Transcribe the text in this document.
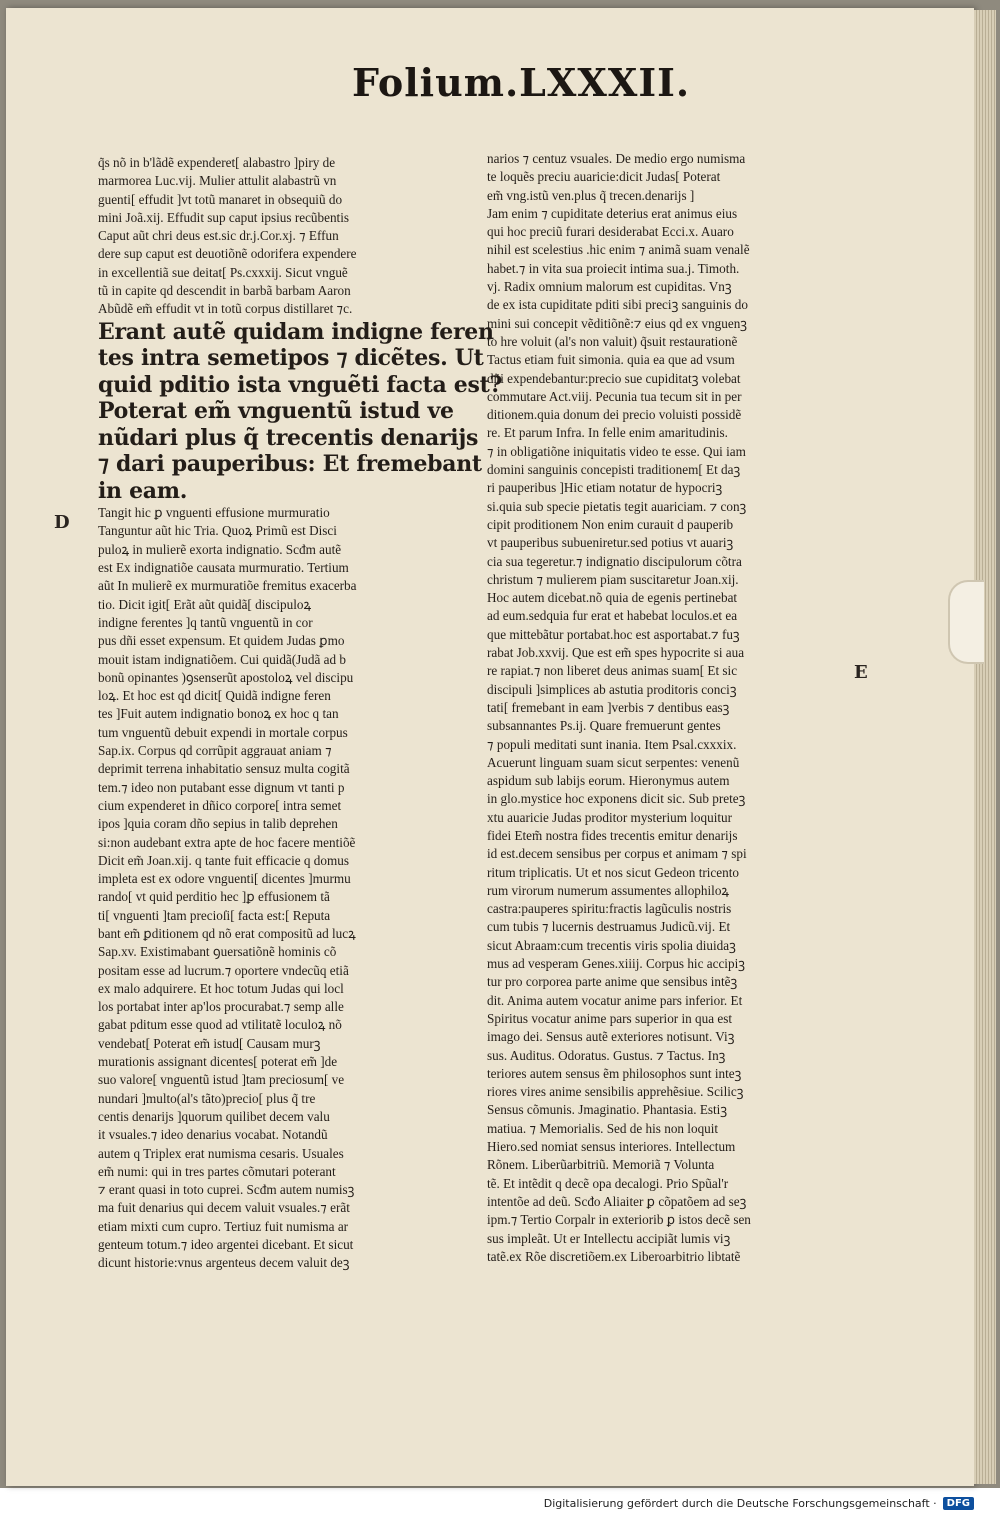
Folium.LXXXII.
D
E
q̃s nõ in b'lãdẽ expenderet[ alabastro ]piry de
marmorea Luc.vij. Mulier attulit alabastrũ vn
guenti[ effudit ]vt totũ manaret in obsequiũ do
mini Joã.xij. Effudit sup caput ipsius recũbentis
Caput aũt chri deus est.sic dr.j.Cor.xj. ⁊ Effun
dere sup caput est deuotiõnẽ odorifera expendere
in excellentiã sue deitat[ Ps.cxxxij. Sicut vnguẽ
tũ in capite qd descendit in barbã barbam Aaron
Abũdẽ em̃ effudit vt in totũ corpus distillaret ⁊c.
Erant autẽ quidam indigne feren
tes intra semetipos ⁊ dicẽtes. Ut
quid pditio ista vnguẽti facta est?
Poterat em̃ vnguentũ istud ve
nũdari plus q̃ trecentis denarijs
⁊ dari pauperibus: Et fremebant
in eam.
Tangit hic ꝑ vnguenti effusione murmuratio
Tanguntur aũt hic Tria. Quoꝝ Primũ est Disci
puloꝝ in mulierẽ exorta indignatio. Scđm autẽ
est Ex indignatiõe causata murmuratio. Tertium
aũt In mulierẽ ex murmuratiõe fremitus exacerba
tio. Dicit igit[ Erãt aũt quidã[ discipuloꝝ
indigne ferentes ]q tantũ vnguentũ in cor
pus dñi esset expensum. Et quidem Judas ꝑmo
mouit istam indignatiõem. Cui quidã(Judã ad b
bonũ opinantes )ꝯsenserũt apostoloꝝ vel discipu
loꝝ. Et hoc est qd dicit[ Quidã indigne feren
tes ]Fuit autem indignatio bonoꝝ ex hoc q tan
tum vnguentũ debuit expendi in mortale corpus
Sap.ix. Corpus qd corrũpit aggrauat aniam ⁊
deprimit terrena inhabitatio sensuz multa cogitã
tem.⁊ ideo non putabant esse dignum vt tanti p
cium expenderet in dñico corpore[ intra semet
ipos ]quia coram dño sepius in talib deprehen
si:non audebant extra apte de hoc facere mentiõẽ
Dicit em̃ Joan.xij. q tante fuit efficacie q domus
impleta est ex odore vnguenti[ dicentes ]murmu
rando[ vt quid perditio hec ]ꝑ effusionem tã
ti[ vnguenti ]tam precioſi[ facta est:[ Reputa
bant em̃ ꝑditionem qd nõ erat compositũ ad lucꝝ
Sap.xv. Existimabant ꝯuersatiõnẽ hominis cõ
positam esse ad lucrum.⁊ oportere vndecũq etiã
ex malo adquirere. Et hoc totum Judas qui locl
los portabat inter ap'los procurabat.⁊ semp alle
gabat pditum esse quod ad vtilitatẽ loculoꝝ nõ
vendebat[ Poterat em̃ istud[ Causam murꝫ
murationis assignant dicentes[ poterat em̃ ]de
suo valore[ vnguentũ istud ]tam preciosum[ ve
nundari ]multo(al's tãto)precio[ plus q̃ tre
centis denarijs ]quorum quilibet decem valu
it vsuales.⁊ ideo denarius vocabat. Notandũ
autem q Triplex erat numisma cesaris. Usuales
em̃ numi: qui in tres partes cõmutari poterant
⁊ erant quasi in toto cuprei. Scđm autem numisꝫ
ma fuit denarius qui decem valuit vsuales.⁊ erãt
etiam mixti cum cupro. Tertiuz fuit numisma ar
genteum totum.⁊ ideo argentei dicebant. Et sicut
dicunt historie:vnus argenteus decem valuit deꝫ
narios ⁊ centuz vsuales. De medio ergo numisma
te loquẽs preciu auaricie:dicit Judas[ Poterat
em̃ vng.istũ ven.plus q̃ trecen.denarijs ]
Jam enim ⁊ cupiditate deterius erat animus eius
qui hoc preciũ furari desiderabat Ecci.x. Auaro
nihil est scelestius .hic enim ⁊ animã suam venalẽ
habet.⁊ in vita sua proiecit intima sua.j. Timoth.
vj. Radix omnium malorum est cupiditas. Vnꝫ
de ex ista cupiditate pditi sibi preciꝫ sanguinis do
mini sui concepit vẽditiõnẽ:⁊ eius qd ex vnguenꝫ
to hre voluit (al's non valuit) q̃suit restaurationẽ
Tactus etiam fuit simonia. quia ea que ad vsum
dñi expendebantur:precio sue cupiditatꝫ volebat
commutare Act.viij. Pecunia tua tecum sit in per
ditionem.quia donum dei precio voluisti possidẽ
re. Et parum Infra. In felle enim amaritudinis.
⁊ in obligatiõne iniquitatis video te esse. Qui iam
domini sanguinis concepisti traditionem[ Et daꝫ
ri pauperibus ]Hic etiam notatur de hypocriꝫ
si.quia sub specie pietatis tegit auariciam. ⁊ conꝫ
cipit proditionem Non enim curauit d pauperib
vt pauperibus subueniretur.sed potius vt auariꝫ
cia sua tegeretur.⁊ indignatio discipulorum cõtra
christum ⁊ mulierem piam suscitaretur Joan.xij.
Hoc autem dicebat.nõ quia de egenis pertinebat
ad eum.sedquia fur erat et habebat loculos.et ea
que mittebãtur portabat.hoc est asportabat.⁊ fuꝫ
rabat Job.xxvij. Que est em̃ spes hypocrite si aua
re rapiat.⁊ non liberet deus animas suam[ Et sic
discipuli ]simplices ab astutia proditoris conciꝫ
tati[ fremebant in eam ]verbis ⁊ dentibus easꝫ
subsannantes Ps.ij. Quare fremuerunt gentes
⁊ populi meditati sunt inania. Item Psal.cxxxix.
Acuerunt linguam suam sicut serpentes: venenũ
aspidum sub labijs eorum. Hieronymus autem
in glo.mystice hoc exponens dicit sic. Sub preteꝫ
xtu auaricie Judas proditor mysterium loquitur
fidei Etem̃ nostra fides trecentis emitur denarijs
id est.decem sensibus per corpus et animam ⁊ spi
ritum triplicatis. Ut et nos sicut Gedeon tricento
rum virorum numerum assumentes allophiloꝝ
castra:pauperes spiritu:fractis lagũculis nostris
cum tubis ⁊ lucernis destruamus Judicũ.vij. Et
sicut Abraam:cum trecentis viris spolia diuidaꝫ
mus ad vesperam Genes.xiiij. Corpus hic accipiꝫ
tur pro corporea parte anime que sensibus intẽꝫ
dit. Anima autem vocatur anime pars inferior. Et
Spiritus vocatur anime pars superior in qua est
imago dei. Sensus autẽ exteriores notisunt. Viꝫ
sus. Auditus. Odoratus. Gustus. ⁊ Tactus. Inꝫ
teriores autem sensus ẽm philosophos sunt inteꝫ
riores vires anime sensibilis apprehẽsiue. Scilicꝫ
Sensus cõmunis. Jmaginatio. Phantasia. Estiꝫ
matiua. ⁊ Memorialis. Sed de his non loquit
Hiero.sed nomiat sensus interiores. Intellectum
Rõnem. Liberũarbitriũ. Memoriã ⁊ Volunta
tẽ. Et intẽdit q decẽ opa decalogi. Prio Spũal'r
intentõe ad deũ. Scđo Aliaiter ꝑ cõpatõem ad seꝫ
ipm.⁊ Tertio Corpalr in exteriorib ꝑ istos decẽ sen
sus impleãt. Ut er Intellectu accipiãt lumis viꝫ
tatẽ.ex Rõe discretiõem.ex Liberoarbitrio libtatẽ
Digitalisierung gefördert durch die Deutsche Forschungsgemeinschaft ·	DFG
